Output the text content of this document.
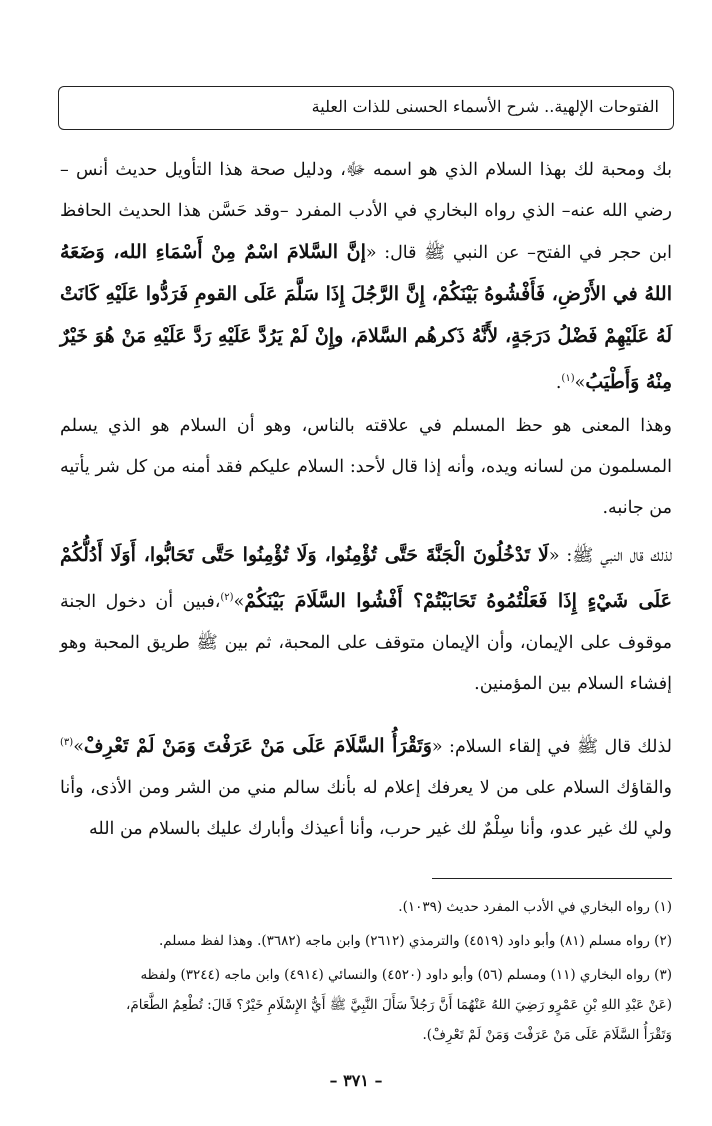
الفتوحات الإلهية.. شرح الأسماء الحسنى للذات العلية

بك ومحبة لك بهذا السلام الذي هو اسمه ﷻ، ودليل صحة هذا التأويل حديث أنس – رضي الله عنه– الذي رواه البخاري في الأدب المفرد –وقد حَسَّن هذا الحديث الحافظ ابن حجر في الفتح– عن النبي ﷺ قال: «إنَّ السَّلامَ اسْمٌ مِنْ أَسْمَاءِ الله، وَضَعَهُ اللهُ في الأَرْضِ، فَأَفْشُوهُ بَيْنَكُمْ، إِنَّ الرَّجُلَ إِذَا سَلَّمَ عَلَى القومِ فَرَدُّوا عَلَيْهِ كَانَتْ لَهُ عَلَيْهِمْ فَضْلُ دَرَجَةٍ، لأَنَّهُ ذَكرهُم السَّلامَ، وإِنْ لَمْ يَرُدَّ عَلَيْهِ رَدَّ عَلَيْهِ مَنْ هُوَ خَيْرٌ مِنْهُ وَأَطْيَبُ»$^{(١)}$.

وهذا المعنى هو حظ المسلم في علاقته بالناس، وهو أن السلام هو الذي يسلم المسلمون من لسانه ويده، وأنه إذا قال لأحد: السلام عليكم فقد أمنه من كل شر يأتيه من جانبه.

لذلك قال النبي ﷺ: «لَا تَدْخُلُونَ الْجَنَّةَ حَتَّى تُؤْمِنُوا، وَلَا تُؤْمِنُوا حَتَّى تَحَابُّوا، أَوَلَا أَدُلُّكُمْ عَلَى شَيْءٍ إِذَا فَعَلْتُمُوهُ تَحَابَبْتُمْ؟ أَفْشُوا السَّلَامَ بَيْنَكُمْ»$^{(٢)}$،فبين أن دخول الجنة موقوف على الإيمان، وأن الإيمان متوقف على المحبة، ثم بين ﷺ طريق المحبة وهو إفشاء السلام بين المؤمنين.

لذلك قال ﷺ في إلقاء السلام: «وَتَقْرَأُ السَّلَامَ عَلَى مَنْ عَرَفْتَ وَمَنْ لَمْ تَعْرِفْ»$^{(٣)}$ والقاؤك السلام على من لا يعرفك إعلام له بأنك سالم مني من الشر ومن الأذى، وأنا ولي لك غير عدو، وأنا سِلْمٌ لك غير حرب، وأنا أعيذك وأبارك عليك بالسلام من الله

(١) رواه البخاري في الأدب المفرد حديث (١٠٣٩).

(٢) رواه مسلم (٨١) وأبو داود (٤٥١٩) والترمذي (٢٦١٢) وابن ماجه (٣٦٨٢). وهذا لفظ مسلم.

(٣) رواه البخاري (١١) ومسلم (٥٦) وأبو داود (٤٥٢٠) والنسائي (٤٩١٤) وابن ماجه (٣٢٤٤) ولفظه

(عَنْ عَبْدِ اللهِ بْنِ عَمْرٍو رَضِيَ اللهُ عَنْهُمَا أَنَّ رَجُلاً سَأَلَ النَّبِيَّ ﷺ أَيُّ الإِسْلَامِ خَيْرٌ؟ قَالَ: تُطْعِمُ الطَّعَامَ،

وَتَقْرَأُ السَّلَامَ عَلَى مَنْ عَرَفْتَ وَمَنْ لَمْ تَعْرِفْ).

– ٣٧١ –
